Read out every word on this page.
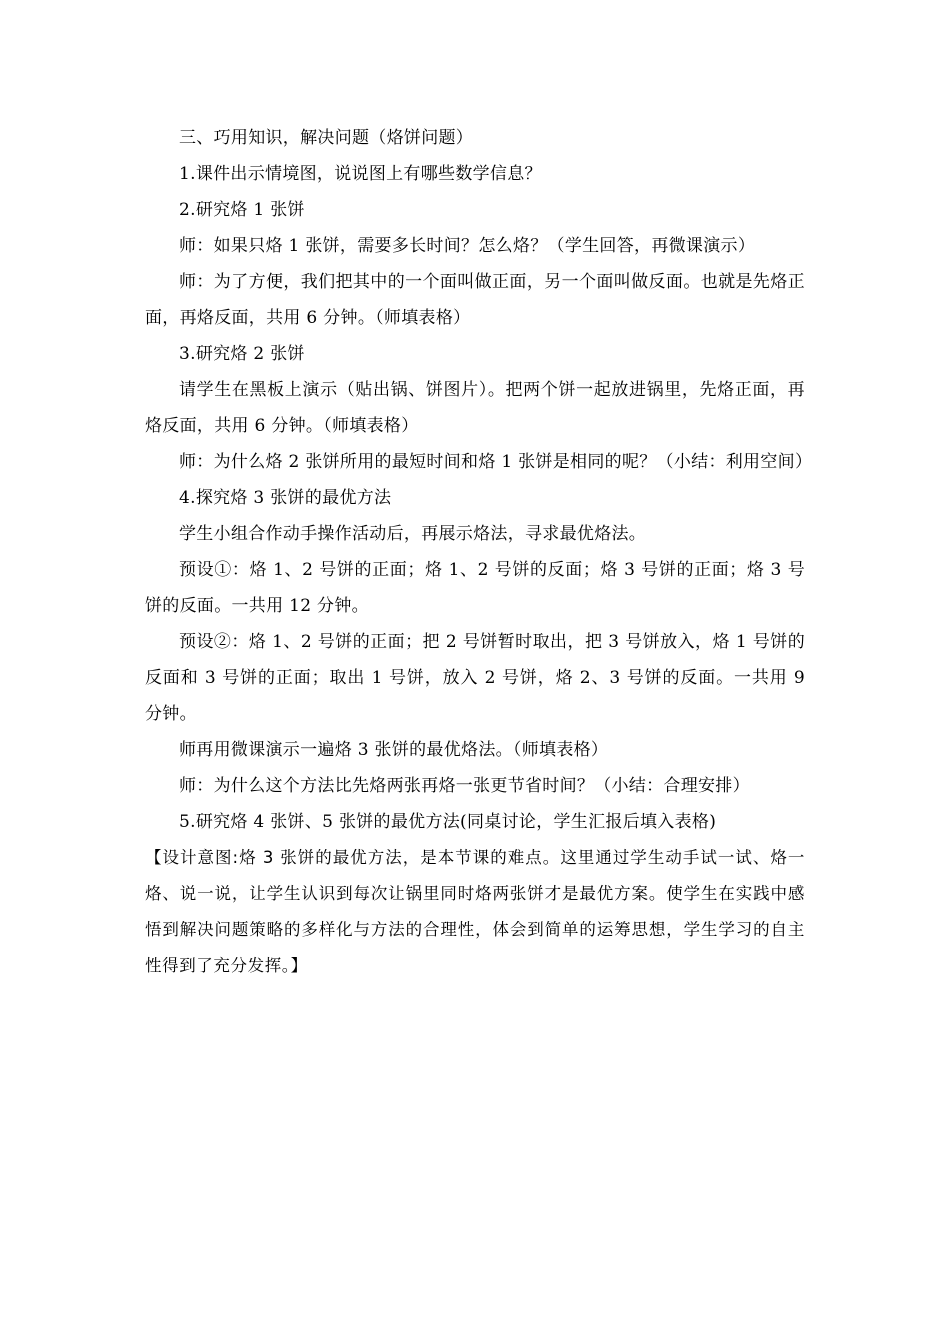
三、巧用知识，解决问题（烙饼问题）

1.课件出示情境图，说说图上有哪些数学信息？

2.研究烙 1 张饼

师：如果只烙 1 张饼，需要多长时间？怎么烙？（学生回答，再微课演示）

师：为了方便，我们把其中的一个面叫做正面，另一个面叫做反面。也就是先烙正面，再烙反面，共用 6 分钟。（师填表格）

3.研究烙 2 张饼

请学生在黑板上演示（贴出锅、饼图片）。把两个饼一起放进锅里，先烙正面，再烙反面，共用 6 分钟。（师填表格）

师：为什么烙 2 张饼所用的最短时间和烙 1 张饼是相同的呢？（小结：利用空间）

4.探究烙 3 张饼的最优方法

学生小组合作动手操作活动后，再展示烙法，寻求最优烙法。

预设①：烙 1、2 号饼的正面；烙 1、2 号饼的反面；烙 3 号饼的正面；烙 3 号饼的反面。一共用 12 分钟。

预设②：烙 1、2 号饼的正面；把 2 号饼暂时取出，把 3 号饼放入，烙 1 号饼的反面和 3 号饼的正面；取出 1 号饼，放入 2 号饼，烙 2、3 号饼的反面。一共用 9 分钟。

师再用微课演示一遍烙 3 张饼的最优烙法。（师填表格）

师：为什么这个方法比先烙两张再烙一张更节省时间？（小结：合理安排）

5.研究烙 4 张饼、5 张饼的最优方法(同桌讨论，学生汇报后填入表格)

【设计意图:烙 3 张饼的最优方法，是本节课的难点。这里通过学生动手试一试、烙一烙、说一说，让学生认识到每次让锅里同时烙两张饼才是最优方案。使学生在实践中感悟到解决问题策略的多样化与方法的合理性，体会到简单的运筹思想，学生学习的自主性得到了充分发挥。】
